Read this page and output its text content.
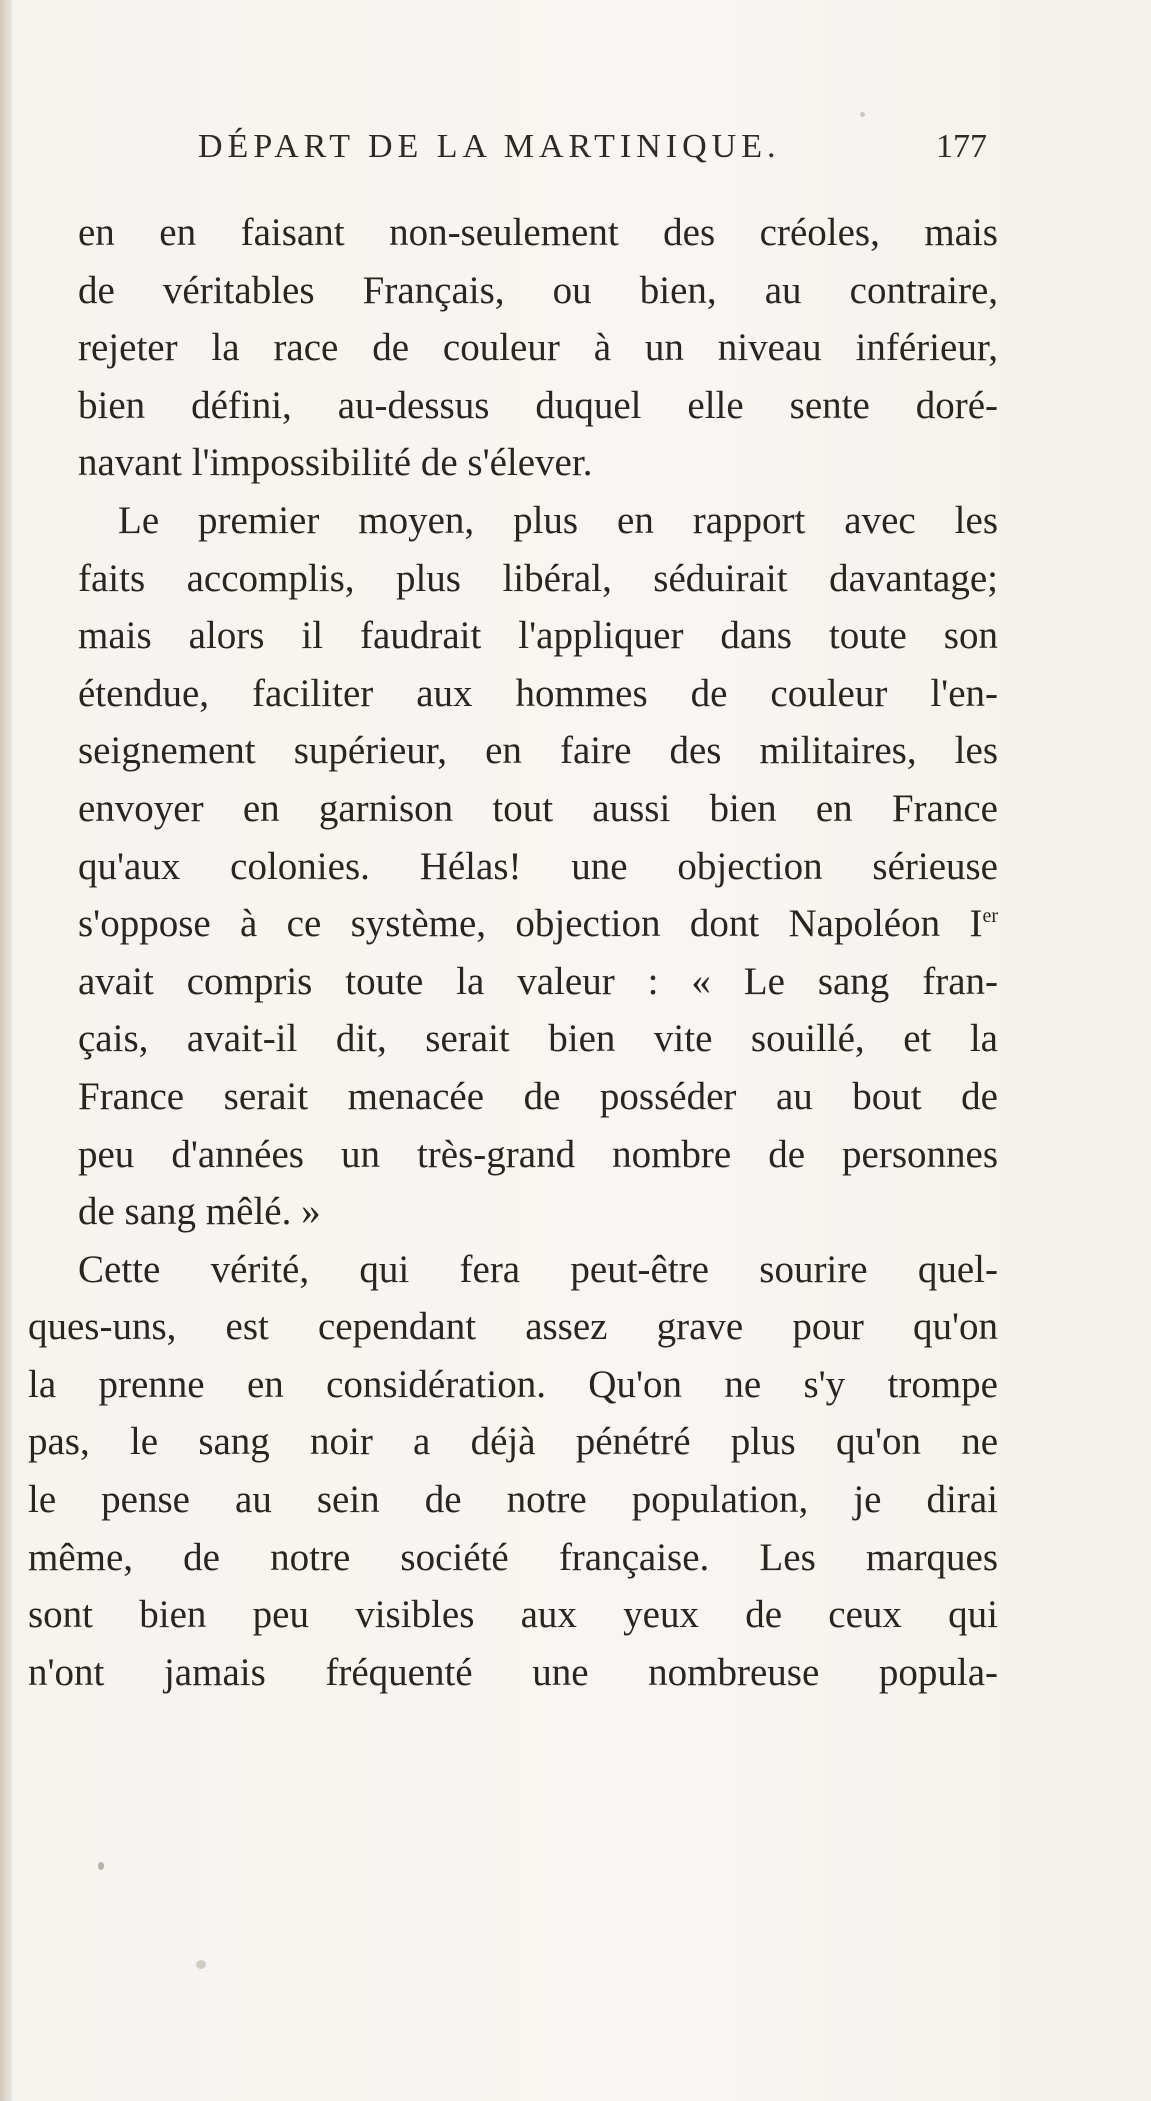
DÉPART DE LA MARTINIQUE.	177
en en faisant non-seulement des créoles, mais
de véritables Français, ou bien, au contraire,
rejeter la race de couleur à un niveau inférieur,
bien défini, au-dessus duquel elle sente doré-
navant l'impossibilité de s'élever.
Le premier moyen, plus en rapport avec les
faits accomplis, plus libéral, séduirait davantage;
mais alors il faudrait l'appliquer dans toute son
étendue, faciliter aux hommes de couleur l'en-
seignement supérieur, en faire des militaires, les
envoyer en garnison tout aussi bien en France
qu'aux colonies. Hélas! une objection sérieuse
s'oppose à ce système, objection dont Napoléon Ier
avait compris toute la valeur : « Le sang fran-
çais, avait-il dit, serait bien vite souillé, et la
France serait menacée de posséder au bout de
peu d'années un très-grand nombre de personnes
de sang mêlé. »
Cette vérité, qui fera peut-être sourire quel-
ques-uns, est cependant assez grave pour qu'on
la prenne en considération. Qu'on ne s'y trompe
pas, le sang noir a déjà pénétré plus qu'on ne
le pense au sein de notre population, je dirai
même, de notre société française. Les marques
sont bien peu visibles aux yeux de ceux qui
n'ont jamais fréquenté une nombreuse popula-
